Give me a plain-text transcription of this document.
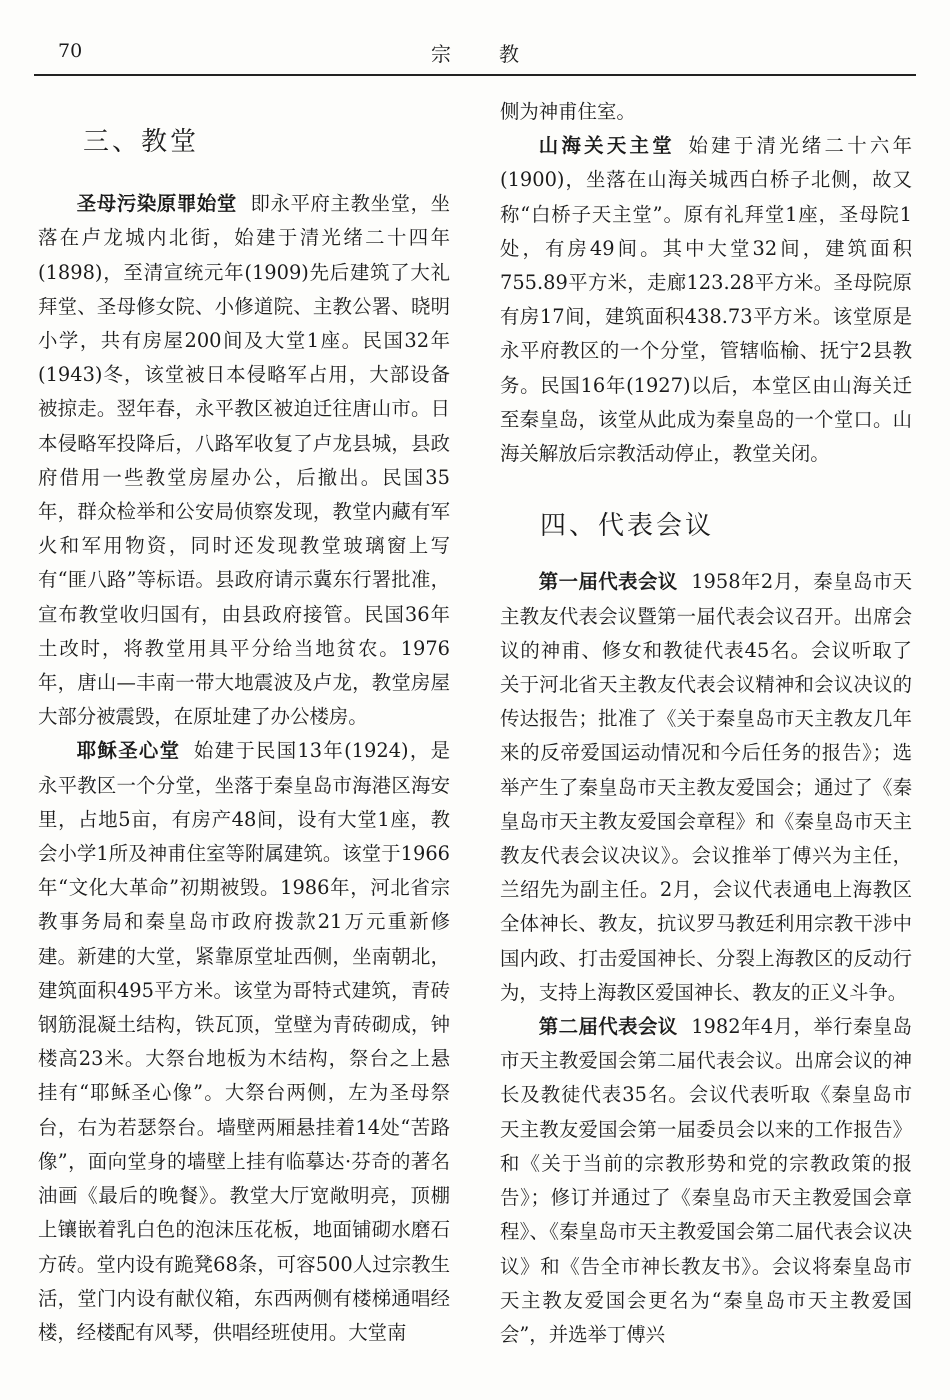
70	宗教
三、教堂

圣母污染原罪始堂 即永平府主教坐堂，坐落在卢龙城内北街，始建于清光绪二十四年(1898)，至清宣统元年(1909)先后建筑了大礼拜堂、圣母修女院、小修道院、主教公署、晓明小学，共有房屋200间及大堂1座。民国32年(1943)冬，该堂被日本侵略军占用，大部设备被掠走。翌年春，永平教区被迫迁往唐山市。日本侵略军投降后，八路军收复了卢龙县城，县政府借用一些教堂房屋办公，后撤出。民国35年，群众检举和公安局侦察发现，教堂内藏有军火和军用物资，同时还发现教堂玻璃窗上写有“匪八路”等标语。县政府请示冀东行署批准，宣布教堂收归国有，由县政府接管。民国36年土改时，将教堂用具平分给当地贫农。1976年，唐山—丰南一带大地震波及卢龙，教堂房屋大部分被震毁，在原址建了办公楼房。

耶稣圣心堂 始建于民国13年(1924)，是永平教区一个分堂，坐落于秦皇岛市海港区海安里，占地5亩，有房产48间，设有大堂1座，教会小学1所及神甫住室等附属建筑。该堂于1966年“文化大革命”初期被毁。1986年，河北省宗教事务局和秦皇岛市政府拨款21万元重新修建。新建的大堂，紧靠原堂址西侧，坐南朝北，建筑面积495平方米。该堂为哥特式建筑，青砖钢筋混凝土结构，铁瓦顶，堂壁为青砖砌成，钟楼高23米。大祭台地板为木结构，祭台之上悬挂有“耶稣圣心像”。大祭台两侧，左为圣母祭台，右为若瑟祭台。墙壁两厢悬挂着14处“苦路像”，面向堂身的墙壁上挂有临摹达·芬奇的著名油画《最后的晚餐》。教堂大厅宽敞明亮，顶棚上镶嵌着乳白色的泡沫压花板，地面铺砌水磨石方砖。堂内设有跪凳68条，可容500人过宗教生活，堂门内设有献仪箱，东西两侧有楼梯通唱经楼，经楼配有风琴，供唱经班使用。大堂南

侧为神甫住室。

山海关天主堂 始建于清光绪二十六年(1900)，坐落在山海关城西白桥子北侧，故又称“白桥子天主堂”。原有礼拜堂1座，圣母院1处，有房49间。其中大堂32间，建筑面积755.89平方米，走廊123.28平方米。圣母院原有房17间，建筑面积438.73平方米。该堂原是永平府教区的一个分堂，管辖临榆、抚宁2县教务。民国16年(1927)以后，本堂区由山海关迁至秦皇岛，该堂从此成为秦皇岛的一个堂口。山海关解放后宗教活动停止，教堂关闭。

四、代表会议

第一届代表会议 1958年2月，秦皇岛市天主教友代表会议暨第一届代表会议召开。出席会议的神甫、修女和教徒代表45名。会议听取了关于河北省天主教友代表会议精神和会议决议的传达报告；批准了《关于秦皇岛市天主教友几年来的反帝爱国运动情况和今后任务的报告》；选举产生了秦皇岛市天主教友爱国会；通过了《秦皇岛市天主教友爱国会章程》和《秦皇岛市天主教友代表会议决议》。会议推举丁傅兴为主任，兰绍先为副主任。2月，会议代表通电上海教区全体神长、教友，抗议罗马教廷利用宗教干涉中国内政、打击爱国神长、分裂上海教区的反动行为，支持上海教区爱国神长、教友的正义斗争。

第二届代表会议 1982年4月，举行秦皇岛市天主教爱国会第二届代表会议。出席会议的神长及教徒代表35名。会议代表听取《秦皇岛市天主教友爱国会第一届委员会以来的工作报告》和《关于当前的宗教形势和党的宗教政策的报告》；修订并通过了《秦皇岛市天主教爱国会章程》、《秦皇岛市天主教爱国会第二届代表会议决议》和《告全市神长教友书》。会议将秦皇岛市天主教友爱国会更名为“秦皇岛市天主教爱国会”，并选举丁傅兴
